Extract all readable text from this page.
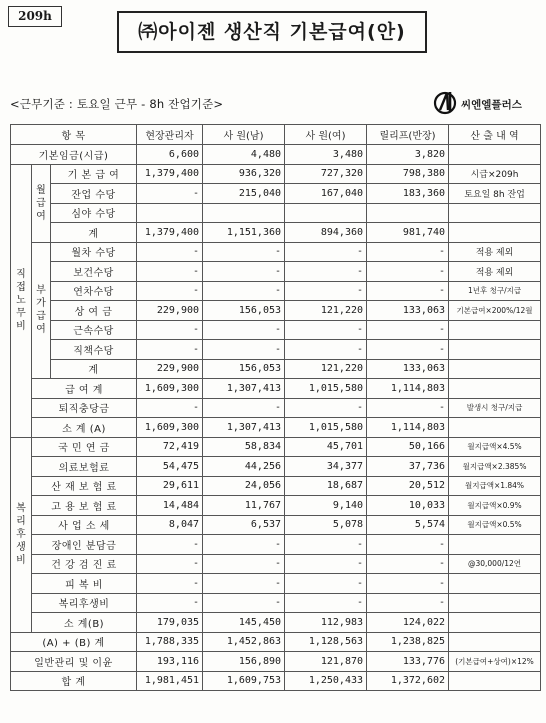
209h
㈜아이젠 생산직 기본급여(안)
<근무기준 : 토요일 근무 - 8h 잔업기준>	씨엔엘플러스
항 목			현장관리자	사 원(남)	사 원(여)	릴리프(반장)	산 출 내 역
기본임금(시급)			6,600	4,480	3,480	3,820	
직접노무비	월급여	기 본 급 여	1,379,400	936,320	727,320	798,380	시급×209h
		잔업 수당	-	215,040	167,040	183,360	토요일 8h 잔업
		심야 수당					
		계	1,379,400	1,151,360	894,360	981,740	
	부가급여	월차 수당	-	-	-	-	적용 제외
		보건수당	-	-	-	-	적용 제외
		연차수당	-	-	-	-	1년후 청구/지급
		상 여 금	229,900	156,053	121,220	133,063	기본급여×200%/12월
		근속수당	-	-	-	-	
		직책수당	-	-	-	-	
		계	229,900	156,053	121,220	133,063	
	급 여 계		1,609,300	1,307,413	1,015,580	1,114,803	
	퇴직충당금		-	-	-	-	발생시 청구/지급
	소 계 (A)		1,609,300	1,307,413	1,015,580	1,114,803	
복리후생비	국 민 연 금		72,419	58,834	45,701	50,166	월지급액×4.5%
	의료보험료		54,475	44,256	34,377	37,736	월지급액×2.385%
	산 재 보 험 료		29,611	24,056	18,687	20,512	월지급액×1.84%
	고 용 보 험 료		14,484	11,767	9,140	10,033	월지급액×0.9%
	사 업 소 세		8,047	6,537	5,078	5,574	월지급액×0.5%
	장애인 분담금		-	-	-	-	
	건 강 검 진 료		-	-	-	-	@30,000/12연
	피 복 비		-	-	-	-	
	복리후생비		-	-	-	-	
	소 계(B)		179,035	145,450	112,983	124,022	
(A) + (B) 계			1,788,335	1,452,863	1,128,563	1,238,825	
일반관리 및 이윤			193,116	156,890	121,870	133,776	(기본급여+상여)×12%
합 계			1,981,451	1,609,753	1,250,433	1,372,602	
